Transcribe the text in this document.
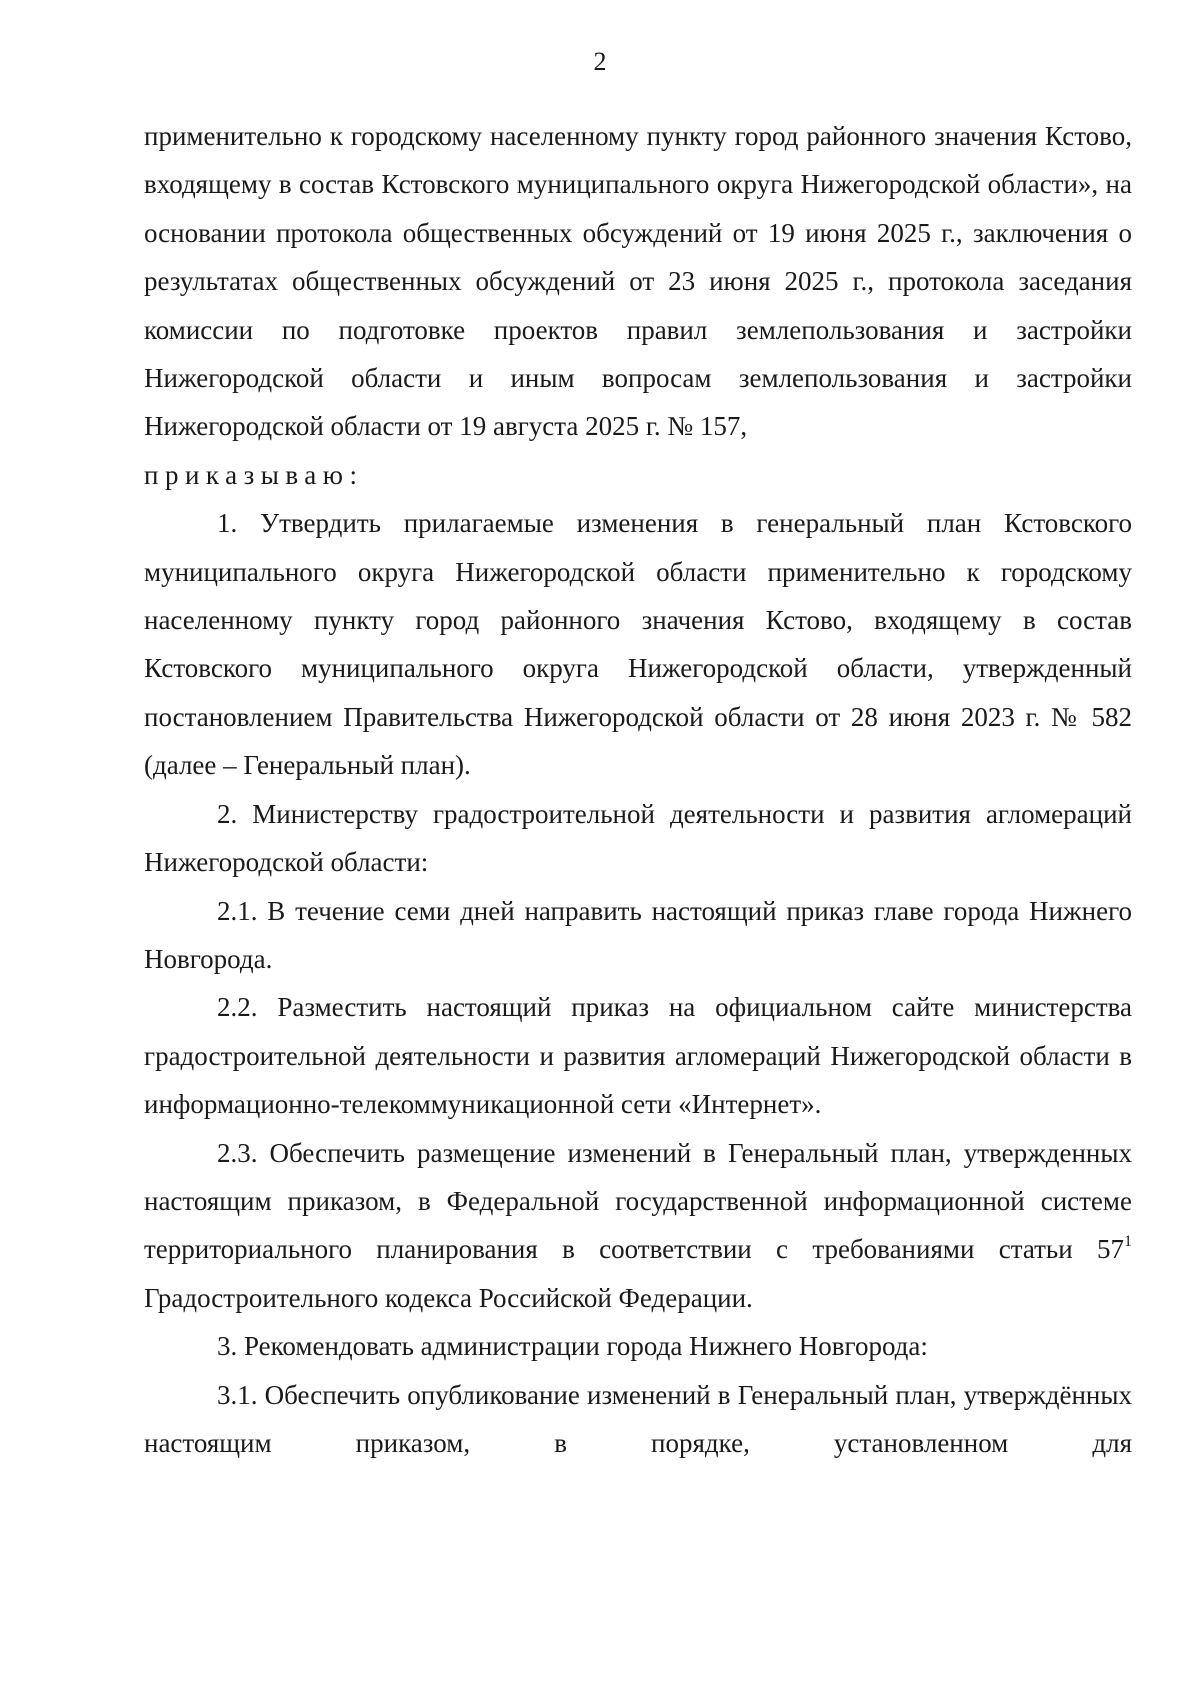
2

применительно к городскому населенному пункту город районного значения Кстово, входящему в состав Кстовского муниципального округа Нижегородской области», на основании протокола общественных обсуждений от 19 июня 2025 г., заключения о результатах общественных обсуждений от 23 июня 2025 г., протокола заседания комиссии по подготовке проектов правил землепользования и застройки Нижегородской области и иным вопросам землепользования и застройки Нижегородской области от 19 августа 2025 г. № 157,

приказываю:

1. Утвердить прилагаемые изменения в генеральный план Кстовского муниципального округа Нижегородской области применительно к городскому населенному пункту город районного значения Кстово, входящему в состав Кстовского муниципального округа Нижегородской области, утвержденный постановлением Правительства Нижегородской области от 28 июня 2023 г. № 582 (далее – Генеральный план).

2. Министерству градостроительной деятельности и развития агломераций Нижегородской области:

2.1. В течение семи дней направить настоящий приказ главе города Нижнего Новгорода.

2.2. Разместить настоящий приказ на официальном сайте министерства градостроительной деятельности и развития агломераций Нижегородской области в информационно-телекоммуникационной сети «Интернет».

2.3. Обеспечить размещение изменений в Генеральный план, утвержденных настоящим приказом, в Федеральной государственной информационной системе территориального планирования в соответствии с требованиями статьи $57^1$ Градостроительного кодекса Российской Федерации.

3. Рекомендовать администрации города Нижнего Новгорода:

3.1. Обеспечить опубликование изменений в Генеральный план, утверждённых настоящим приказом, в порядке, установленном для
